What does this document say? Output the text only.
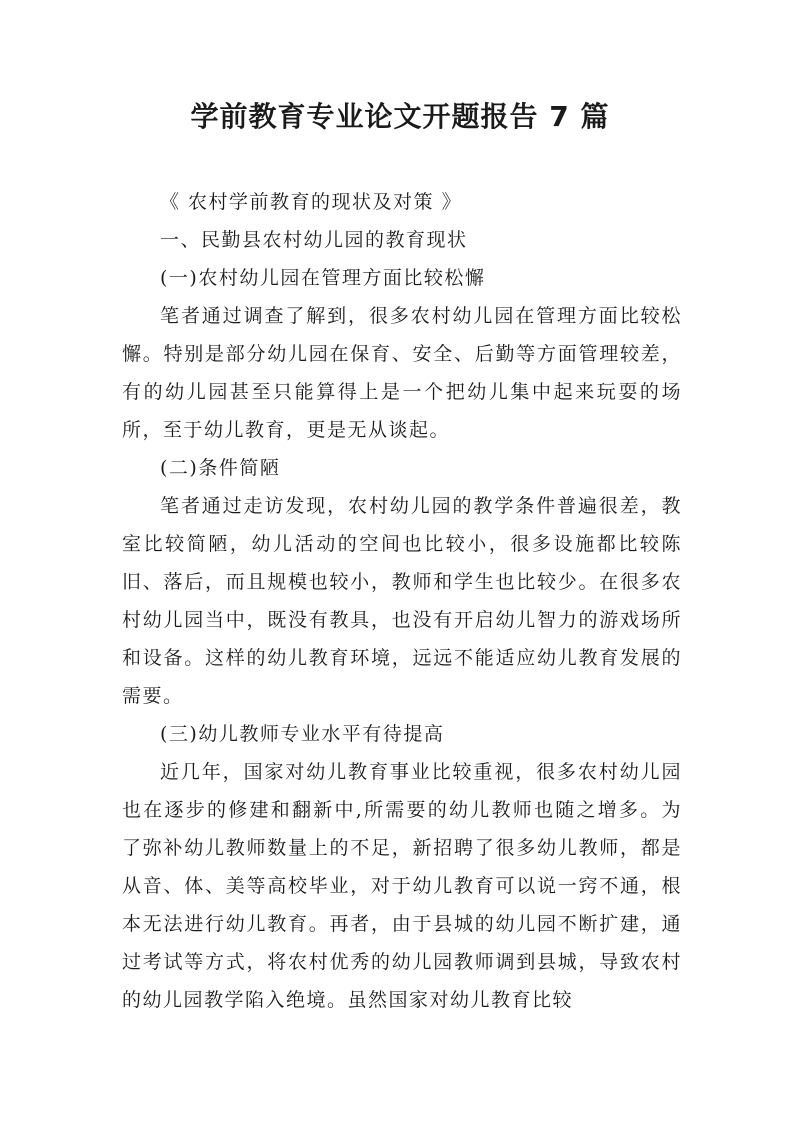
学前教育专业论文开题报告 7 篇

《 农村学前教育的现状及对策 》

一、民勤县农村幼儿园的教育现状

(一)农村幼儿园在管理方面比较松懈

笔者通过调查了解到，很多农村幼儿园在管理方面比较松懈。特别是部分幼儿园在保育、安全、后勤等方面管理较差，有的幼儿园甚至只能算得上是一个把幼儿集中起来玩耍的场所，至于幼儿教育，更是无从谈起。

(二)条件简陋

笔者通过走访发现，农村幼儿园的教学条件普遍很差，教室比较简陋，幼儿活动的空间也比较小，很多设施都比较陈旧、落后，而且规模也较小，教师和学生也比较少。在很多农村幼儿园当中，既没有教具，也没有开启幼儿智力的游戏场所和设备。这样的幼儿教育环境，远远不能适应幼儿教育发展的需要。

(三)幼儿教师专业水平有待提高

近几年，国家对幼儿教育事业比较重视，很多农村幼儿园也在逐步的修建和翻新中,所需要的幼儿教师也随之增多。为了弥补幼儿教师数量上的不足，新招聘了很多幼儿教师，都是从音、体、美等高校毕业，对于幼儿教育可以说一窍不通，根本无法进行幼儿教育。再者，由于县城的幼儿园不断扩建，通过考试等方式，将农村优秀的幼儿园教师调到县城，导致农村的幼儿园教学陷入绝境。虽然国家对幼儿教育比较
